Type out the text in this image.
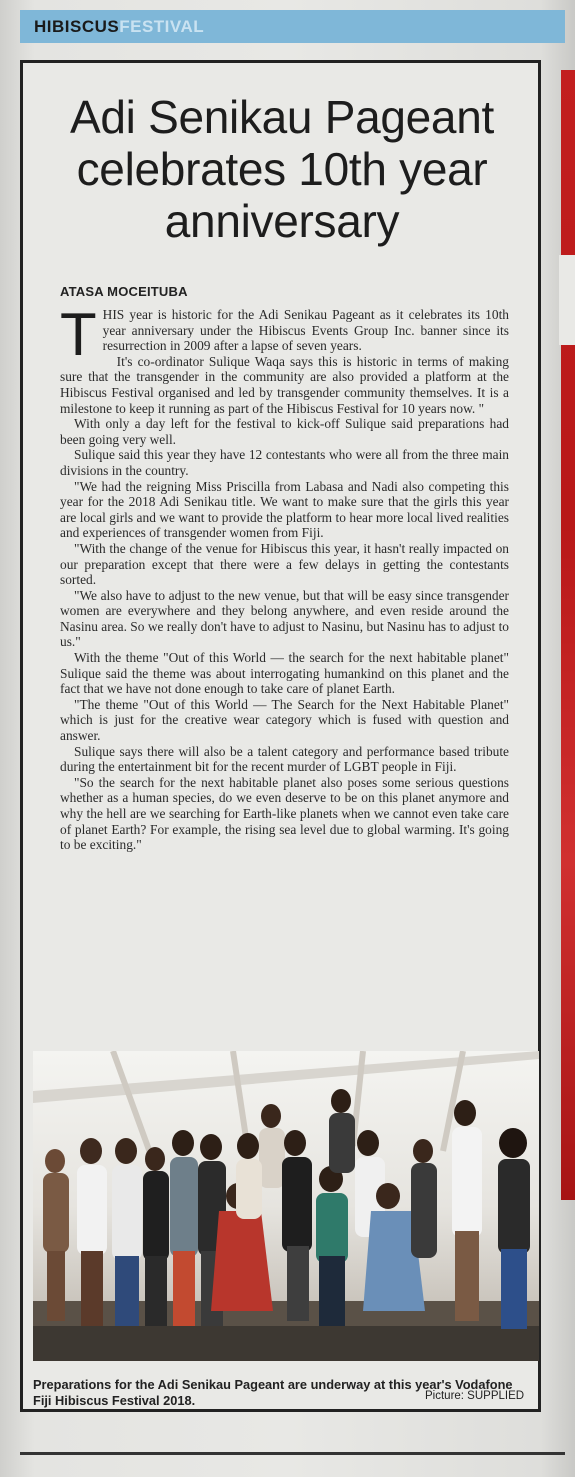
HIBISCUS FESTIVAL
Adi Senikau Pageant
celebrates 10th year
anniversary
ATASA MOCEITUBA

THIS year is historic for the Adi Senikau Pageant as it celebrates its 10th year anniversary under the Hibiscus Events Group Inc. banner since its resurrection in 2009 after a lapse of seven years.

It's co-ordinator Sulique Waqa says this is historic in terms of making sure that the transgender in the community are also provided a platform at the Hibiscus Festival organised and led by transgender community themselves. It is a milestone to keep it running as part of the Hibiscus Festival for 10 years now. "

With only a day left for the festival to kick-off Sulique said preparations had been going very well.

Sulique said this year they have 12 contestants who were all from the three main divisions in the country.

"We had the reigning Miss Priscilla from Labasa and Nadi also competing this year for the 2018 Adi Senikau title. We want to make sure that the girls this year are local girls and we want to provide the platform to hear more local lived realities and experiences of transgender women from Fiji.

"With the change of the venue for Hibiscus this year, it hasn't really impacted on our preparation except that there were a few delays in getting the contestants sorted.

"We also have to adjust to the new venue, but that will be easy since transgender women are everywhere and they belong anywhere, and even reside around the Nasinu area. So we really don't have to adjust to Nasinu, but Nasinu has to adjust to us."

With the theme "Out of this World — the search for the next habitable planet" Sulique said the theme was about interrogating humankind on this planet and the fact that we have not done enough to take care of planet Earth.

"The theme "Out of this World — The Search for the Next Habitable Planet" which is just for the creative wear category which is fused with question and answer.

Sulique says there will also be a talent category and performance based tribute during the entertainment bit for the recent murder of LGBT people in Fiji.

"So the search for the next habitable planet also poses some serious questions whether as a human species, do we even deserve to be on this planet anymore and why the hell are we searching for Earth-like planets when we cannot even take care of planet Earth? For example, the rising sea level due to global warming. It's going to be exciting."

Preparations for the Adi Senikau Pageant are underway at this year's Vodafone Fiji Hibiscus Festival 2018.	Picture: SUPPLIED
